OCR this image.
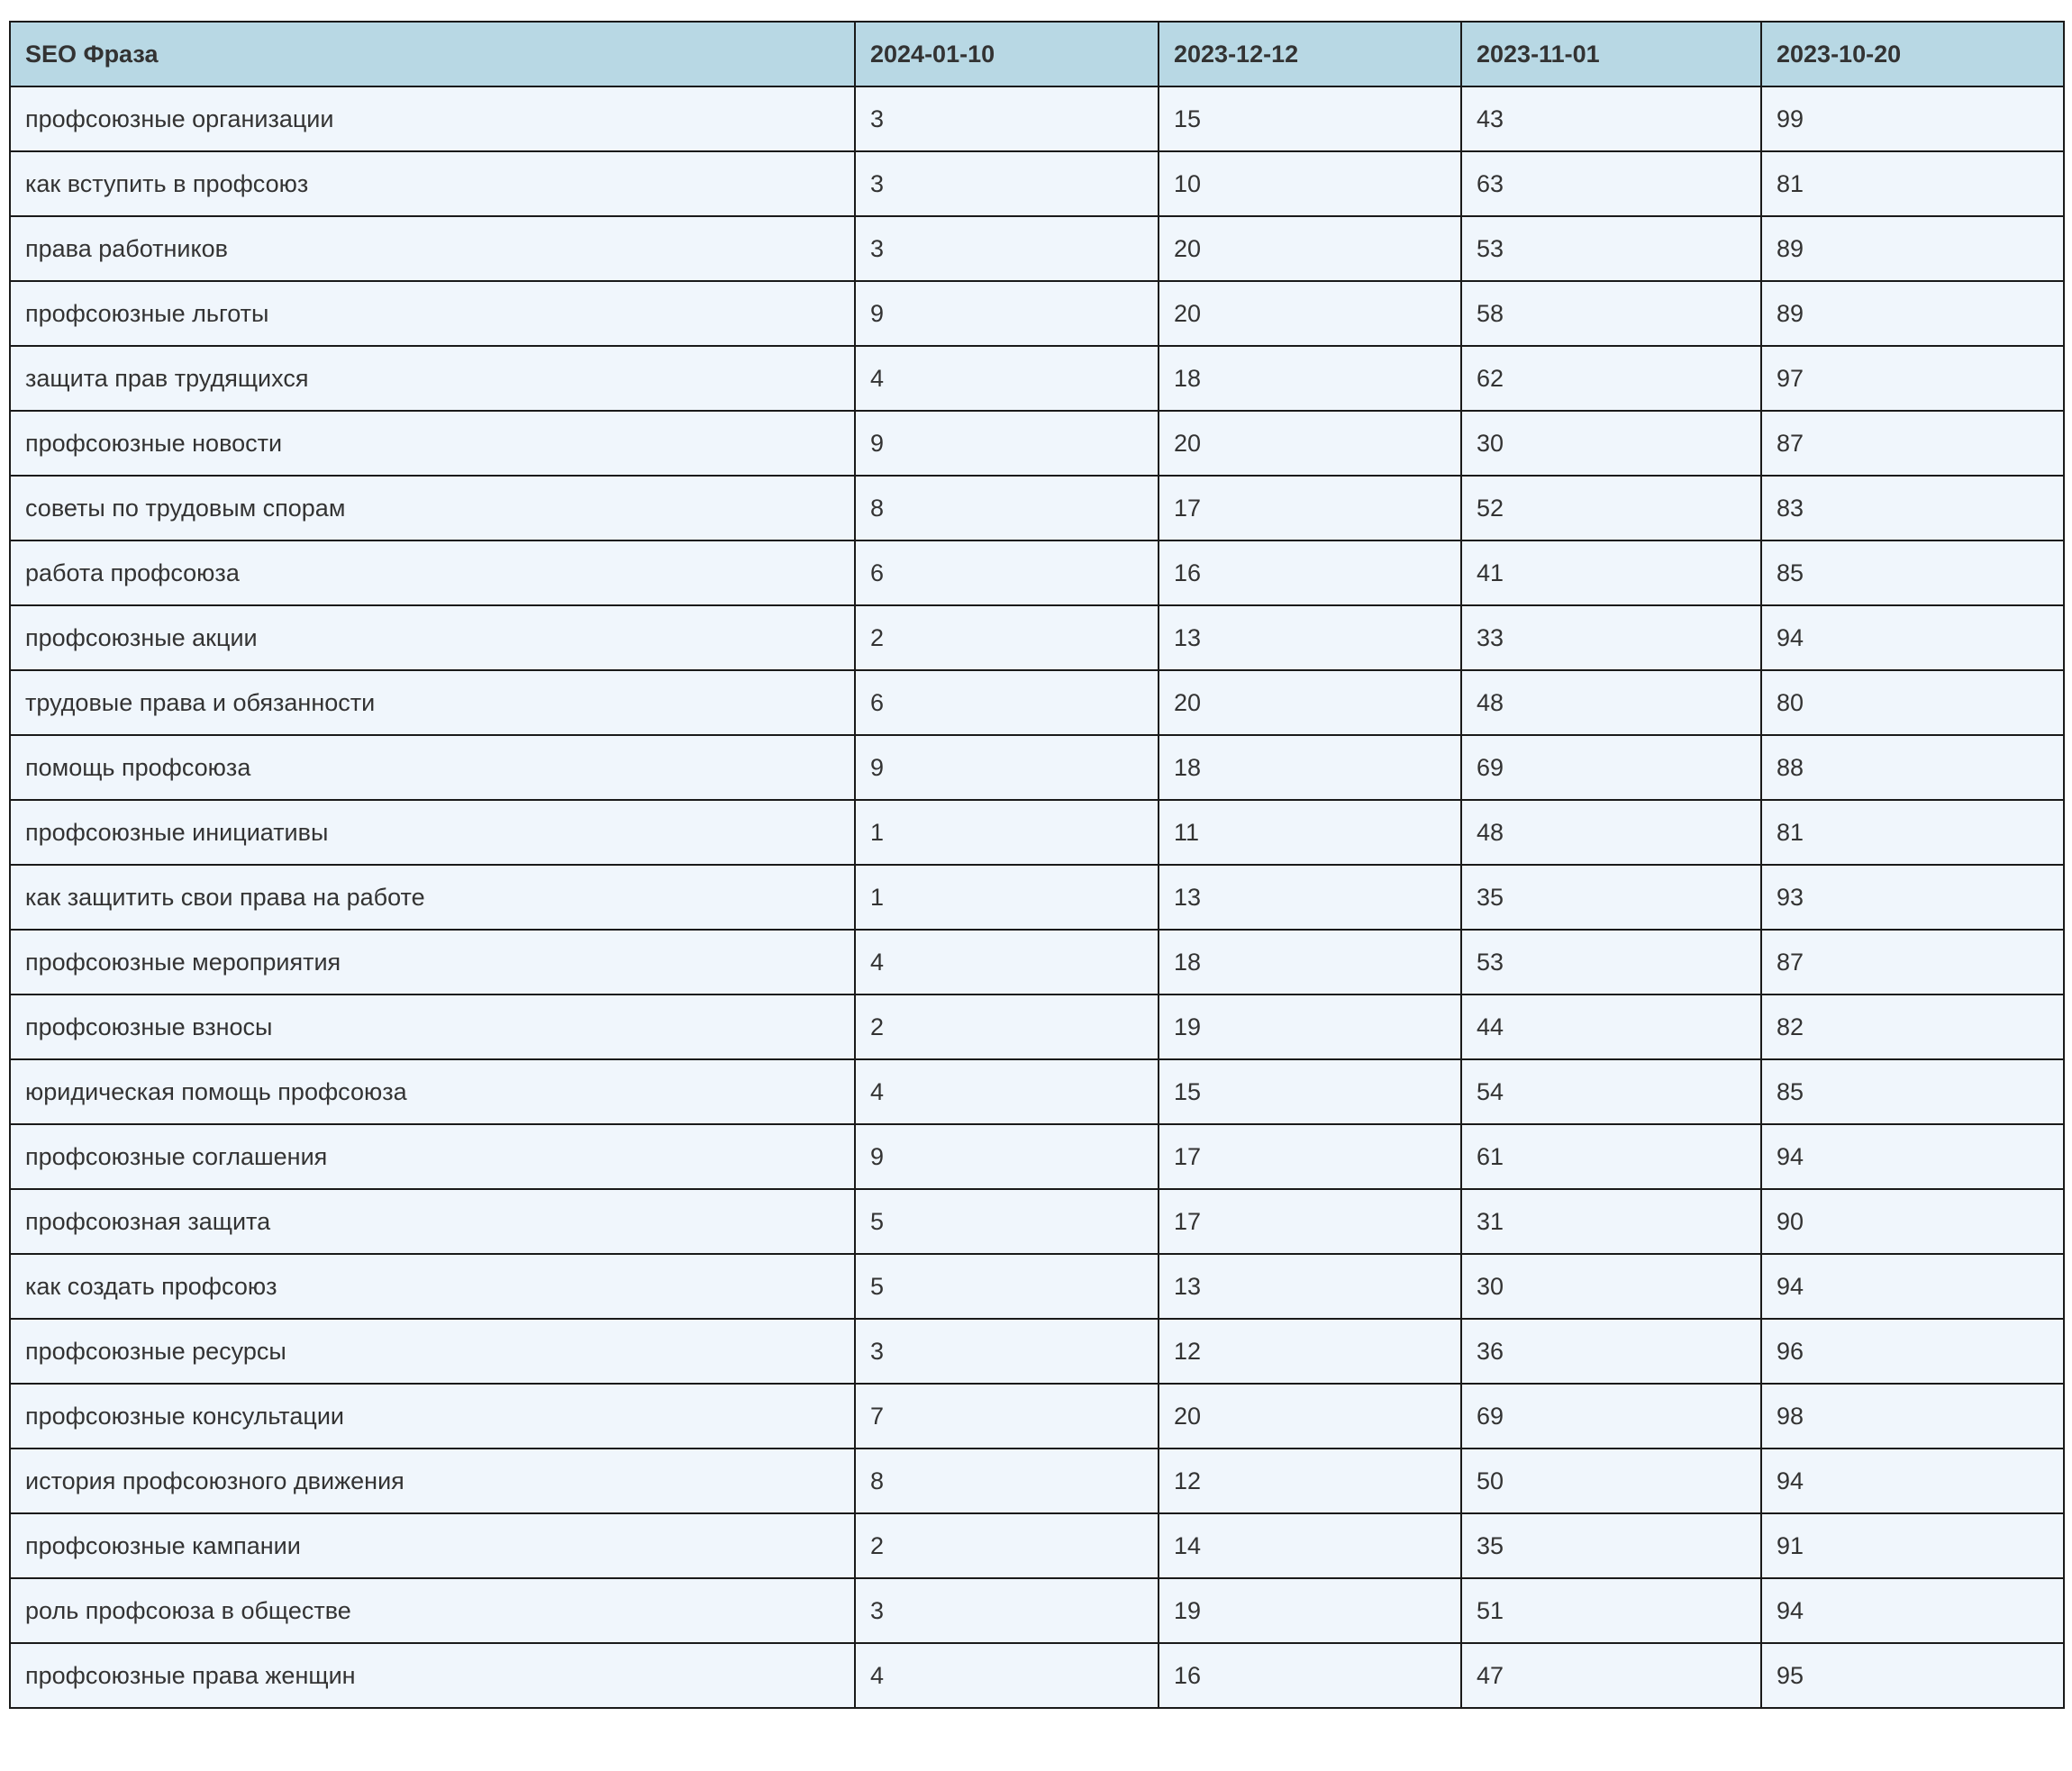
SEO Фраза	2024-01-10	2023-12-12	2023-11-01	2023-10-20
профсоюзные организации	3	15	43	99
как вступить в профсоюз	3	10	63	81
права работников	3	20	53	89
профсоюзные льготы	9	20	58	89
защита прав трудящихся	4	18	62	97
профсоюзные новости	9	20	30	87
советы по трудовым спорам	8	17	52	83
работа профсоюза	6	16	41	85
профсоюзные акции	2	13	33	94
трудовые права и обязанности	6	20	48	80
помощь профсоюза	9	18	69	88
профсоюзные инициативы	1	11	48	81
как защитить свои права на работе	1	13	35	93
профсоюзные мероприятия	4	18	53	87
профсоюзные взносы	2	19	44	82
юридическая помощь профсоюза	4	15	54	85
профсоюзные соглашения	9	17	61	94
профсоюзная защита	5	17	31	90
как создать профсоюз	5	13	30	94
профсоюзные ресурсы	3	12	36	96
профсоюзные консультации	7	20	69	98
история профсоюзного движения	8	12	50	94
профсоюзные кампании	2	14	35	91
роль профсоюза в обществе	3	19	51	94
профсоюзные права женщин	4	16	47	95
